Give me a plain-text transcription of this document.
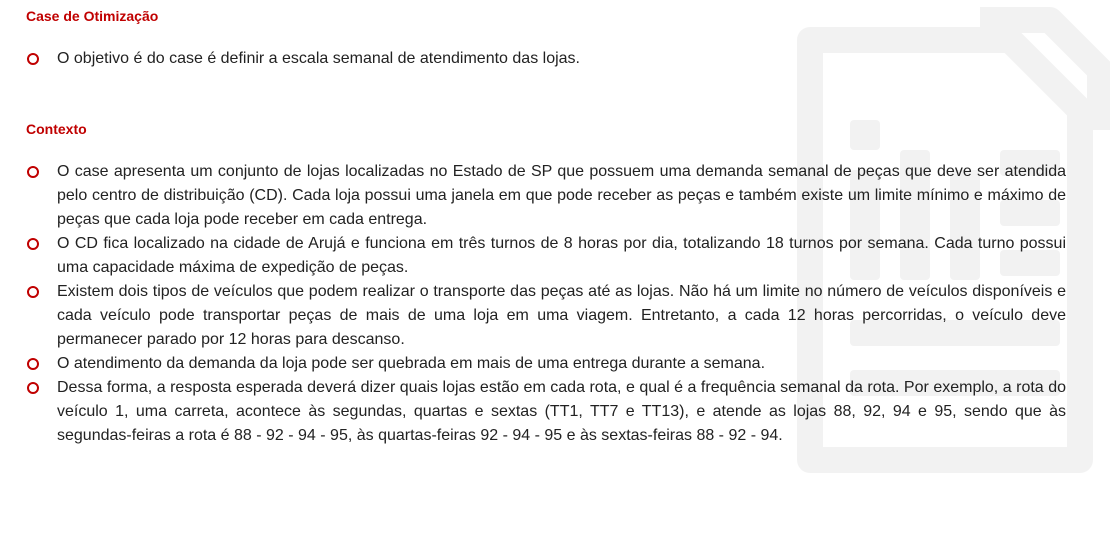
Case de Otimização
O objetivo é do case é definir a escala semanal de atendimento das lojas.
Contexto
O case apresenta um conjunto de lojas localizadas no Estado de SP que possuem uma demanda semanal de peças que deve ser atendida pelo centro de distribuição (CD). Cada loja possui uma janela em que pode receber as peças e também existe um limite mínimo e máximo de peças que cada loja pode receber em cada entrega.
O CD fica localizado na cidade de Arujá e funciona em três turnos de 8 horas por dia, totalizando 18 turnos por semana. Cada turno possui uma capacidade máxima de expedição de peças.
Existem dois tipos de veículos que podem realizar o transporte das peças até as lojas. Não há um limite no número de veículos disponíveis e cada veículo pode transportar peças de mais de uma loja em uma viagem. Entretanto, a cada 12 horas percorridas, o veículo deve permanecer parado por 12 horas para descanso.
O atendimento da demanda da loja pode ser quebrada em mais de uma entrega durante a semana.
Dessa forma, a resposta esperada deverá dizer quais lojas estão em cada rota, e qual é a frequência semanal da rota. Por exemplo, a rota do veículo 1, uma carreta, acontece às segundas, quartas e sextas (TT1, TT7 e TT13), e atende as lojas 88, 92, 94 e 95, sendo que às segundas-feiras a rota é 88 - 92 - 94 - 95, às quartas-feiras 92 - 94 - 95 e às sextas-feiras 88 - 92 - 94.
